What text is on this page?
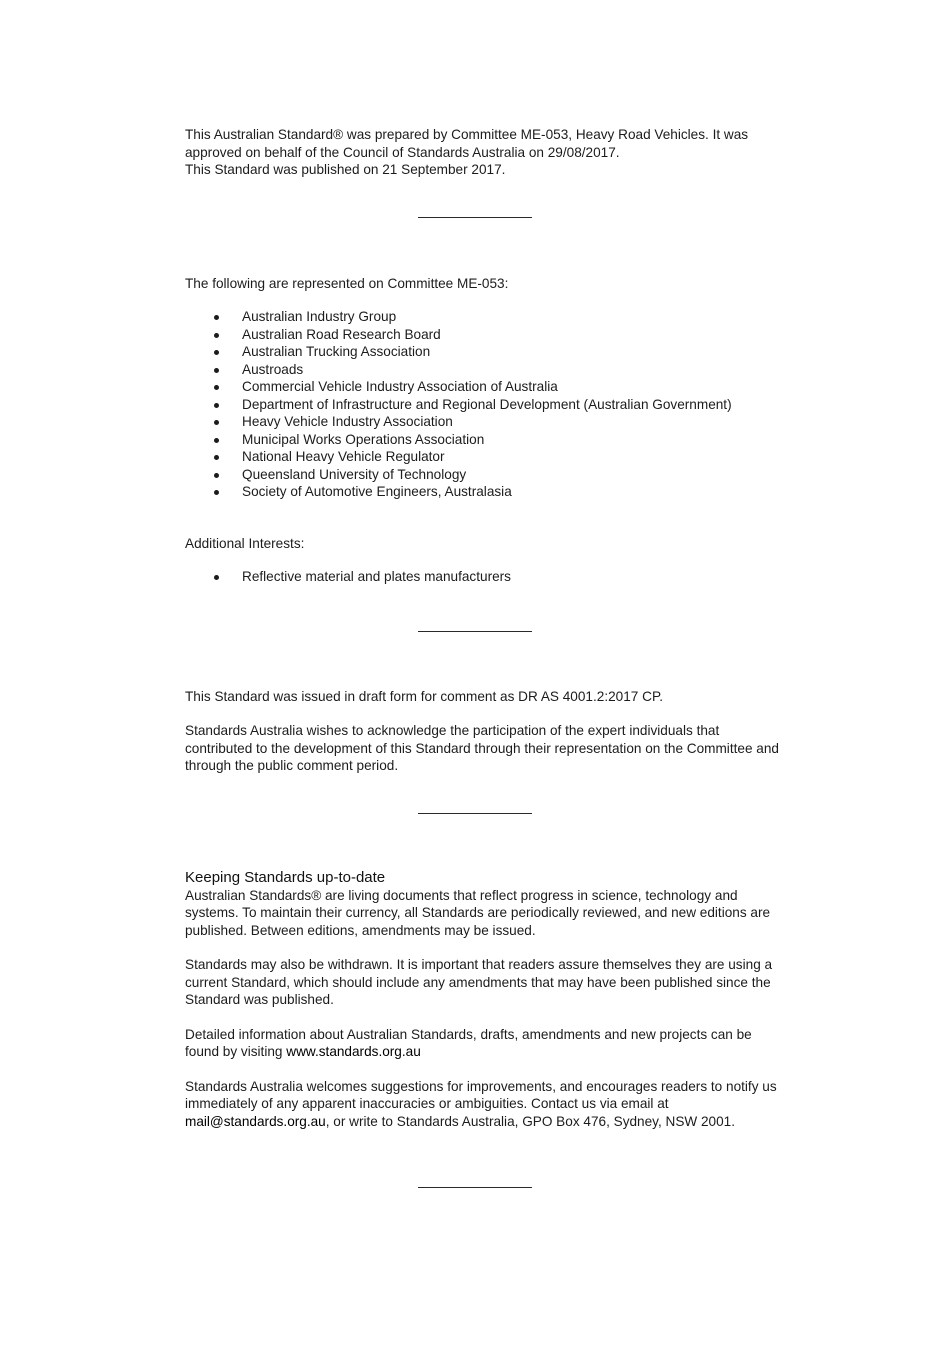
This Australian Standard® was prepared by Committee ME-053, Heavy Road Vehicles. It was approved on behalf of the Council of Standards Australia on 29/08/2017.

This Standard was published on 21 September 2017.

The following are represented on Committee ME-053:

Australian Industry Group
Australian Road Research Board
Australian Trucking Association
Austroads
Commercial Vehicle Industry Association of Australia
Department of Infrastructure and Regional Development (Australian Government)
Heavy Vehicle Industry Association
Municipal Works Operations Association
National Heavy Vehicle Regulator
Queensland University of Technology
Society of Automotive Engineers, Australasia

Additional Interests:

Reflective material and plates manufacturers

This Standard was issued in draft form for comment as DR AS 4001.2:2017 CP.

Standards Australia wishes to acknowledge the participation of the expert individuals that contributed to the development of this Standard through their representation on the Committee and through the public comment period.

Keeping Standards up-to-date

Australian Standards® are living documents that reflect progress in science, technology and systems. To maintain their currency, all Standards are periodically reviewed, and new editions are published. Between editions, amendments may be issued.

Standards may also be withdrawn. It is important that readers assure themselves they are using a current Standard, which should include any amendments that may have been published since the Standard was published.

Detailed information about Australian Standards, drafts, amendments and new projects can be found by visiting www.standards.org.au

Standards Australia welcomes suggestions for improvements, and encourages readers to notify us immediately of any apparent inaccuracies or ambiguities. Contact us via email at mail@standards.org.au, or write to Standards Australia, GPO Box 476, Sydney, NSW 2001.
